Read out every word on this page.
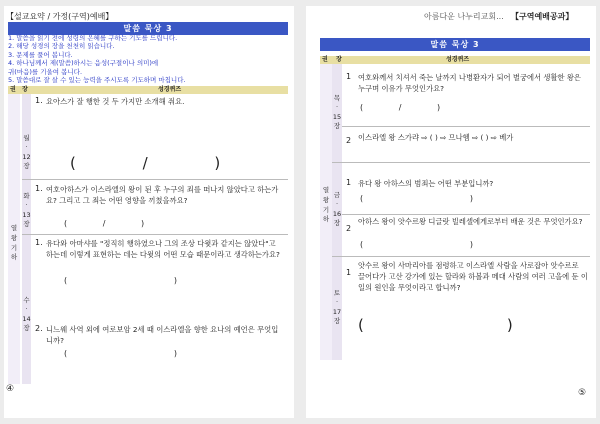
【설교요약 / 가정(구역)예배】
말씀 묵상 3
1. 말씀을 읽기 전에 성령의 은혜를 구하는 기도를 드립니다.
2. 해당 성경의 장을 천천히 읽습니다.
3. 문제를 풀어 봅니다.
4. 하나님께서 제(말씀)하시는 음성(구절이나 의미)에
귀(마음)를 기울여 봅니다.
5. 말씀대로 잘 살 수 있는 능력을 주시도록 기도하며 마칩니다.
권 장	성경퀴즈
열 왕 기 하
월 · 12 장
화 · 13 장
수 · 14 장
1. 요아스가 잘 행한 것 두 가지만 소개해 줘요.
(              /              )
1. 여호아하스가 이스라엘의 왕이 된 후 누구의 죄를 떠나지 않았다고 하는가요? 그리고 그 죄는 어떤 영향을 끼쳤을까요?
(              /              )
1. 유다와 아마샤를 "정직히 행하였으나 그의 조상 다윗과 같지는 않았다"고 하는데 이렇게 표현하는 데는 다윗의 어떤 모습 때문이라고 생각하는가요?
(                                          )
2. 니느웨 사역 외에 여로보암 2세 때 이스라엘을 향한 요나의 예언은 무엇입니까?
(                                          )
④
아름다운 나누리교회... 【구역예배공과】
말씀 묵상 3
권 장	성경퀴즈
열 왕 기 하
목 · 15 장
금 · 16 장
토 · 17 장
1 여호와께서 치셔서 죽는 날까지 나병환자가 되어 별궁에서 생활한 왕은 누구며 이유가 무엇인가요?
(              /              )
2 이스라엘 왕 스가랴 ⇨ ( ) ⇨ 므나헴 ⇨ ( ) ⇨ 베가
1 유다 왕 아하스의 범죄는 어떤 부분입니까?
(                                          )
2
아하스 왕이 앗수르왕 디글랏 빌레셀에게로부터 배운 것은 무엇인가요?
(                                          )
1
앗수르 왕이 사마리아를 점령하고 이스라엘 사람을 사로잡아 앗수르로 끌어다가 고산 강가에 있는 할라와 하볼과 메대 사람의 여러 고을에 둔 이 일의 원인을 무엇이라고 합니까?
(                              )
⑤
